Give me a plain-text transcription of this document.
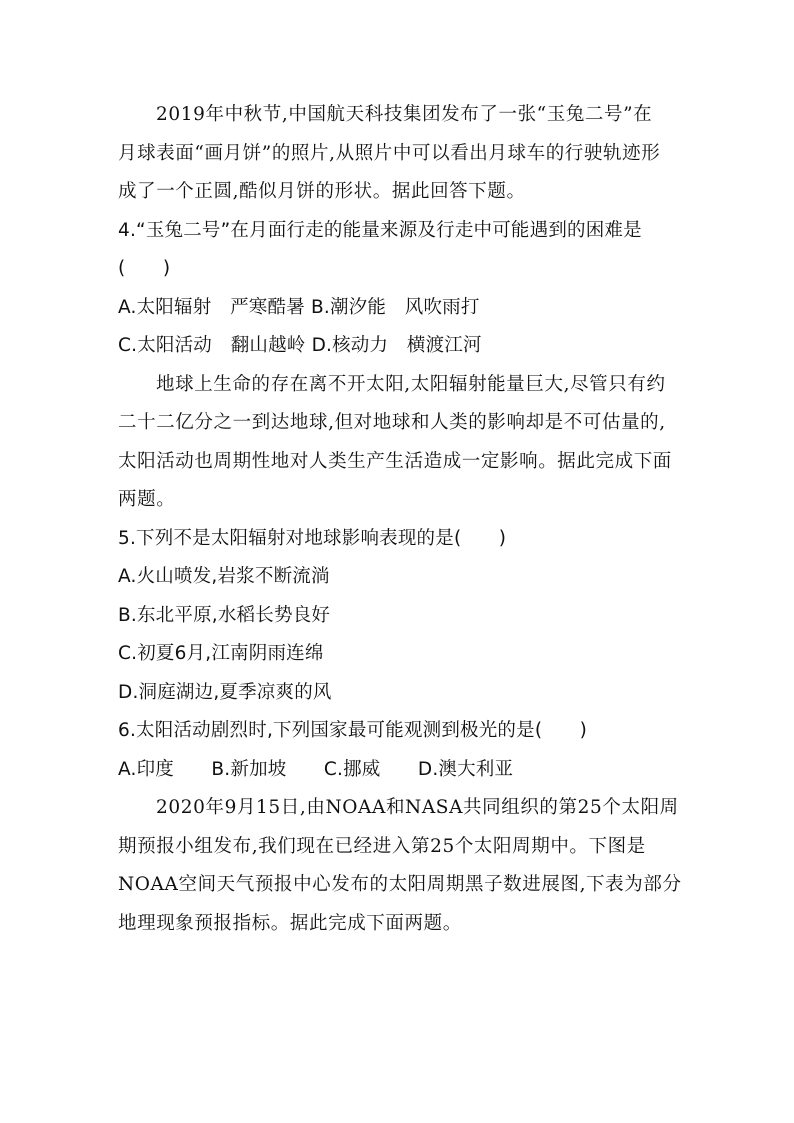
2019年中秋节,中国航天科技集团发布了一张“玉兔二号”在
月球表面“画月饼”的照片,从照片中可以看出月球车的行驶轨迹形
成了一个正圆,酷似月饼的形状。据此回答下题。
4.“玉兔二号”在月面行走的能量来源及行走中可能遇到的困难是
(　　)
A.太阳辐射　严寒酷暑 B.潮汐能　风吹雨打
C.太阳活动　翻山越岭 D.核动力　横渡江河
地球上生命的存在离不开太阳,太阳辐射能量巨大,尽管只有约
二十二亿分之一到达地球,但对地球和人类的影响却是不可估量的,
太阳活动也周期性地对人类生产生活造成一定影响。据此完成下面
两题。
5.下列不是太阳辐射对地球影响表现的是(　　)
A.火山喷发,岩浆不断流淌
B.东北平原,水稻长势良好
C.初夏6月,江南阴雨连绵
D.洞庭湖边,夏季凉爽的风
6.太阳活动剧烈时,下列国家最可能观测到极光的是(　　)
A.印度　　B.新加坡　　C.挪威　　D.澳大利亚
2020年9月15日,由NOAA和NASA共同组织的第25个太阳周
期预报小组发布,我们现在已经进入第25个太阳周期中。下图是
NOAA空间天气预报中心发布的太阳周期黑子数进展图,下表为部分
地理现象预报指标。据此完成下面两题。
